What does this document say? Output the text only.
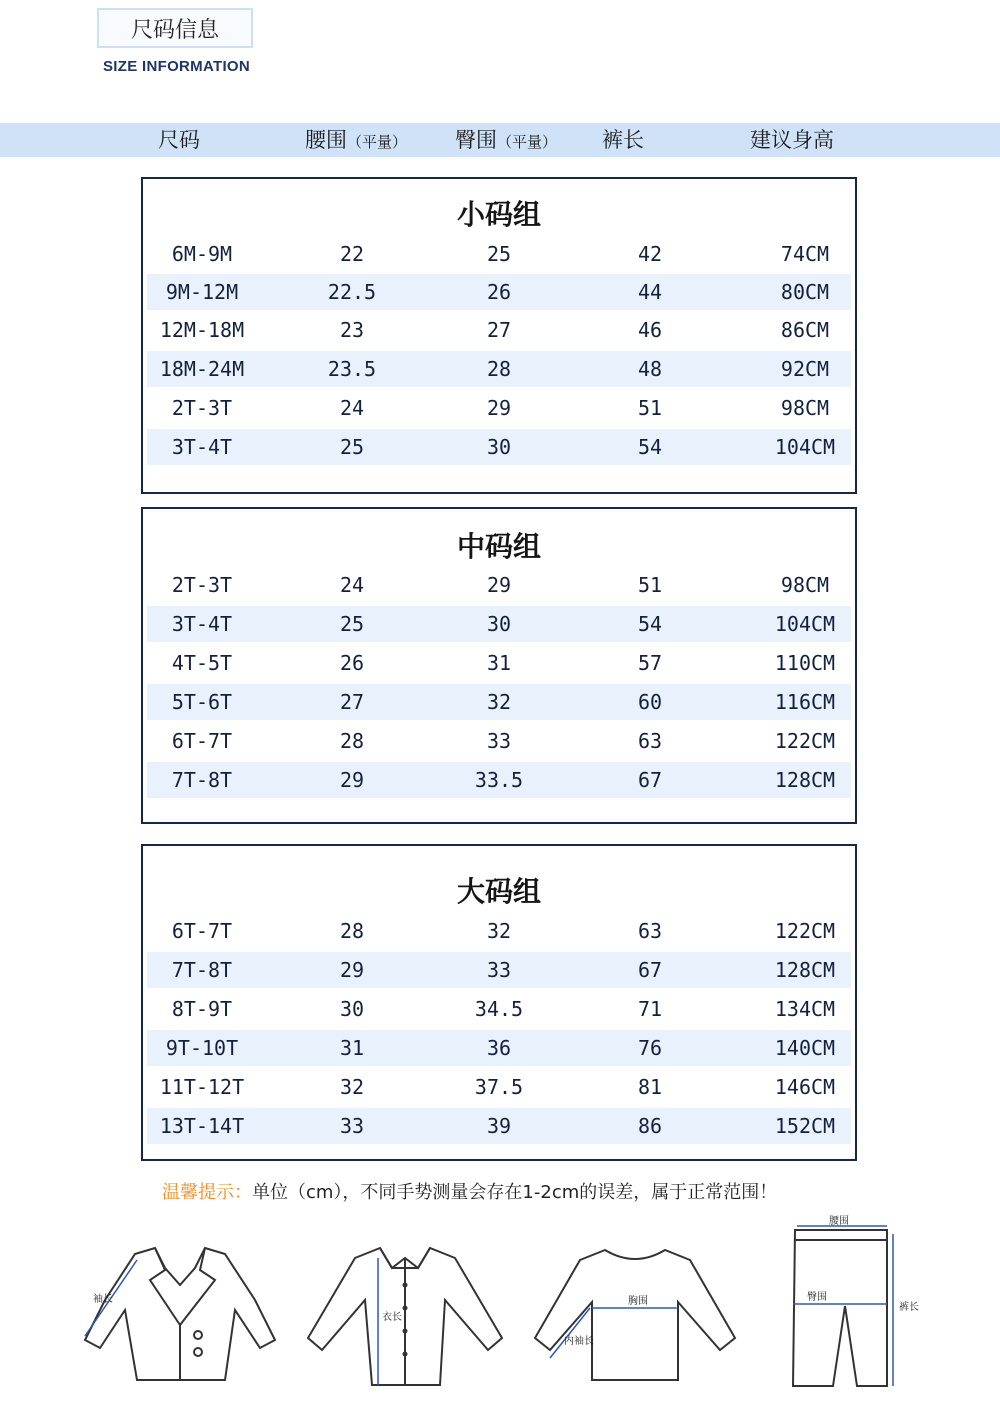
尺码信息
SIZE INFORMATION
尺码	腰围（平量） 臀围（平量） 裤长	建议身高
小码组
6M-9M	22	25	42	74CM
9M-12M	22.5	26	44	80CM
12M-18M	23	27	46	86CM
18M-24M	23.5	28	48	92CM
2T-3T	24	29	51	98CM
3T-4T	25	30	54	104CM
中码组
2T-3T	24	29	51	98CM
3T-4T	25	30	54	104CM
4T-5T	26	31	57	110CM
5T-6T	27	32	60	116CM
6T-7T	28	33	63	122CM
7T-8T	29	33.5	67	128CM
大码组
6T-7T	28	32	63	122CM
7T-8T	29	33	67	128CM
8T-9T	30	34.5	71	134CM
9T-10T	31	36	76	140CM
11T-12T	32	37.5	81	146CM
13T-14T	33	39	86	152CM
温馨提示：单位（cm），不同手势测量会存在1-2cm的误差，属于正常范围！
袖长
衣长
胸围
内袖长
腰围
臀围
裤长
